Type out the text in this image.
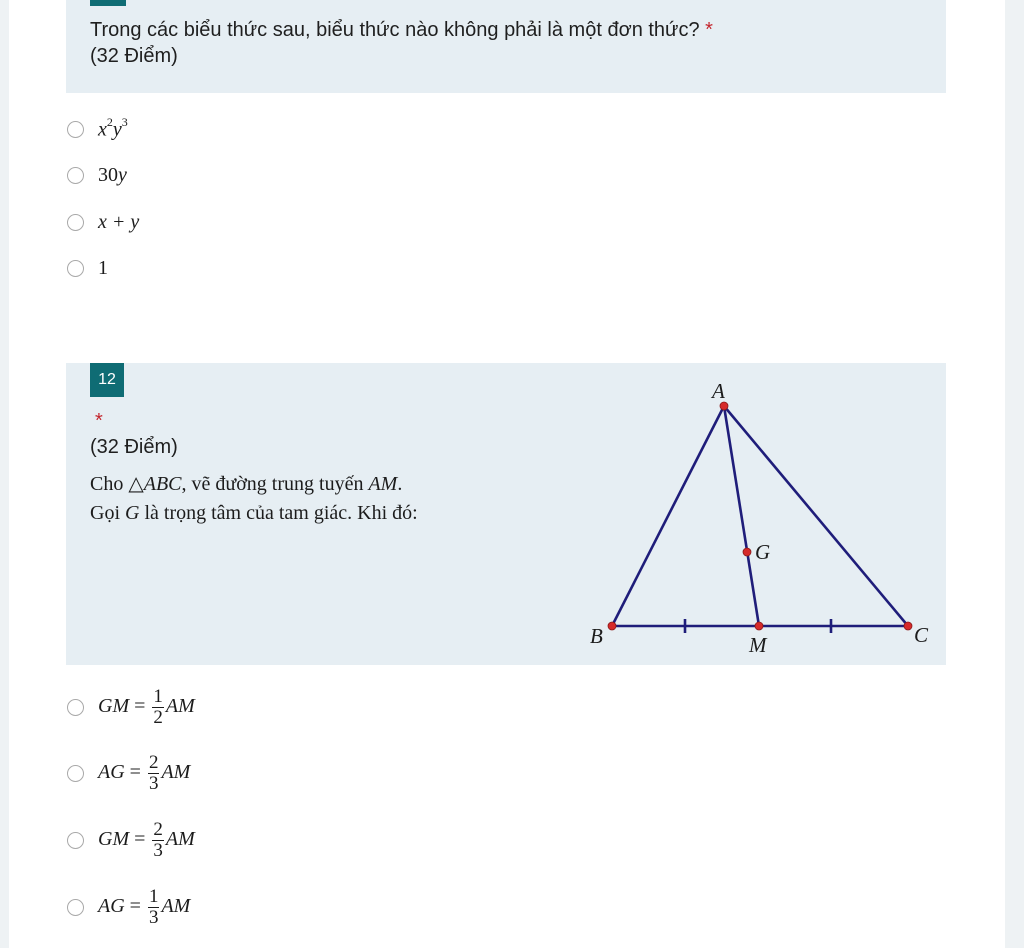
Trong các biểu thức sau, biểu thức nào không phải là một đơn thức? *
(32 Điểm)
$x^2y^3$
30y
x + y
1
12
*
(32 Điểm)
Cho △ABC, vẽ đường trung tuyến AM.
Gọi G là trọng tâm của tam giác. Khi đó:
A
B	C
G
M
GM = $\frac{1}{2}$ AM
AG = $\frac{2}{3}$ AM
GM = $\frac{2}{3}$ AM
AG = $\frac{1}{3}$ AM
